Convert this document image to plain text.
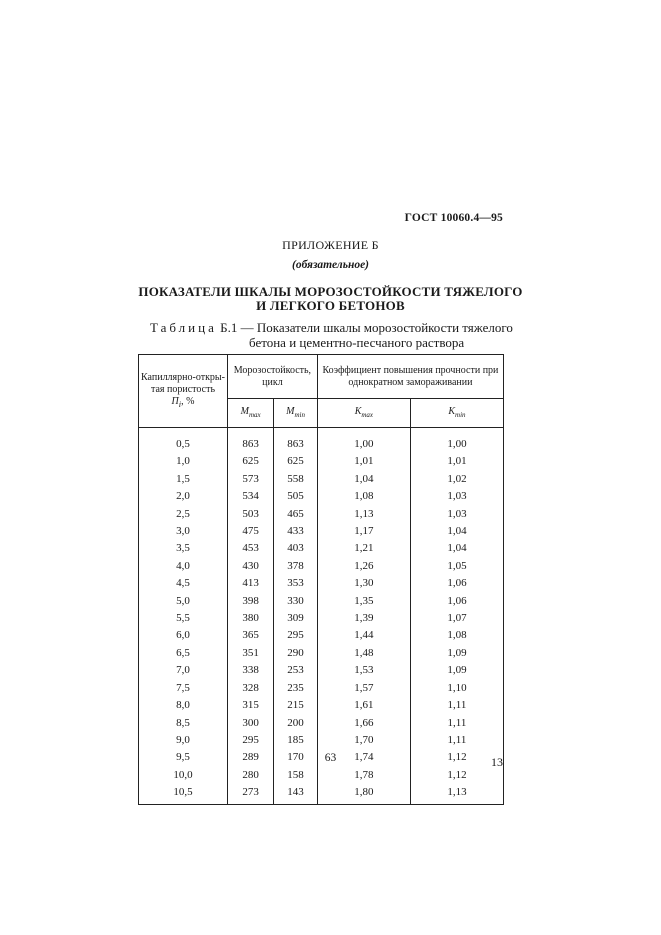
ГОСТ 10060.4—95
ПРИЛОЖЕНИЕ Б
(обязательное)
ПОКАЗАТЕЛИ ШКАЛЫ МОРОЗОСТОЙКОСТИ ТЯЖЕЛОГО
И ЛЕГКОГО БЕТОНОВ
Таблица Б.1 — Показатели шкалы морозостойкости тяжелого
бетона и цементно-песчаного раствора
Капиллярно-откры-тая пористость
$П_i$, %	Морозостойкость, цикл		Коэффициент повышения прочности при однократном замораживании	
	$M_{max}$	$M_{min}$	$K_{max}$	$K_{min}$
0,5	863	863	1,00	1,00
1,0	625	625	1,01	1,01
1,5	573	558	1,04	1,02
2,0	534	505	1,08	1,03
2,5	503	465	1,13	1,03
3,0	475	433	1,17	1,04
3,5	453	403	1,21	1,04
4,0	430	378	1,26	1,05
4,5	413	353	1,30	1,06
5,0	398	330	1,35	1,06
5,5	380	309	1,39	1,07
6,0	365	295	1,44	1,08
6,5	351	290	1,48	1,09
7,0	338	253	1,53	1,09
7,5	328	235	1,57	1,10
8,0	315	215	1,61	1,11
8,5	300	200	1,66	1,11
9,0	295	185	1,70	1,11
9,5	289	170	1,74	1,12
10,0	280	158	1,78	1,12
10,5	273	143	1,80	1,13
63	13
